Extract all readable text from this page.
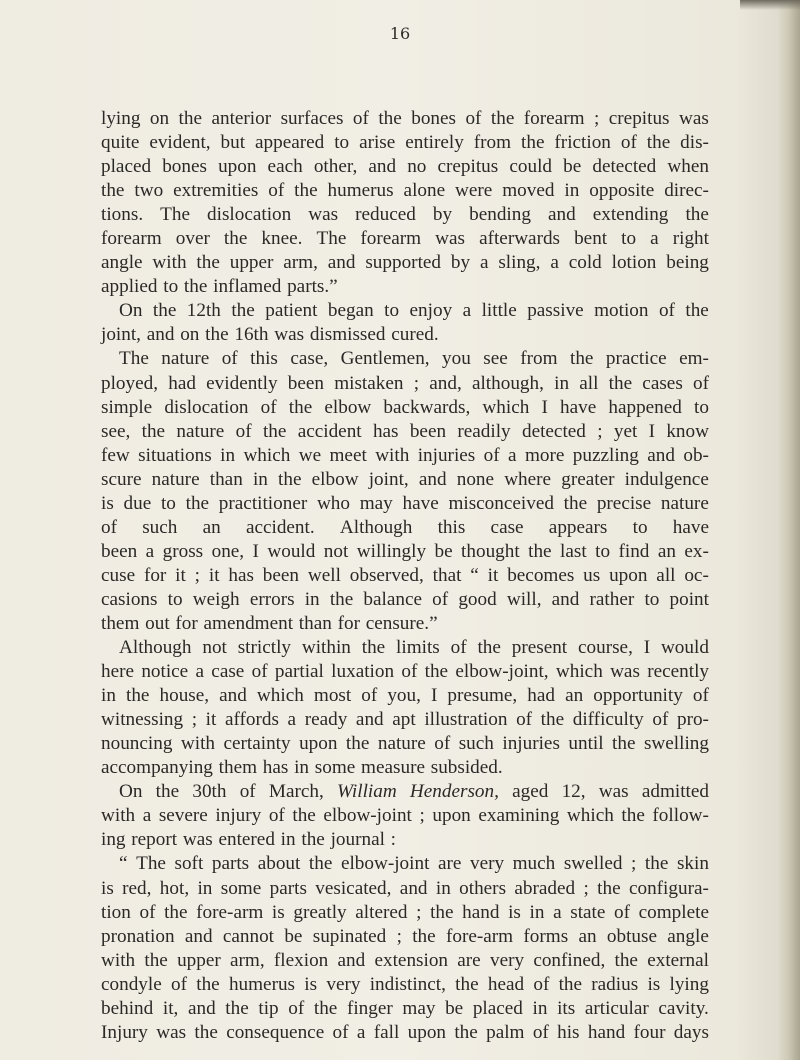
16
lying on the anterior surfaces of the bones of the forearm ; crepitus was
quite evident, but appeared to arise entirely from the friction of the dis-
placed bones upon each other, and no crepitus could be detected when
the two extremities of the humerus alone were moved in opposite direc-
tions. The dislocation was reduced by bending and extending the
forearm over the knee. The forearm was afterwards bent to a right
angle with the upper arm, and supported by a sling, a cold lotion being
applied to the inflamed parts.”
On the 12th the patient began to enjoy a little passive motion of the
joint, and on the 16th was dismissed cured.
The nature of this case, Gentlemen, you see from the practice em-
ployed, had evidently been mistaken ; and, although, in all the cases of
simple dislocation of the elbow backwards, which I have happened to
see, the nature of the accident has been readily detected ; yet I know
few situations in which we meet with injuries of a more puzzling and ob-
scure nature than in the elbow joint, and none where greater indulgence
is due to the practitioner who may have misconceived the precise nature
of such an accident. Although this case appears to have
been a gross one, I would not willingly be thought the last to find an ex-
cuse for it ; it has been well observed, that “ it becomes us upon all oc-
casions to weigh errors in the balance of good will, and rather to point
them out for amendment than for censure.”
Although not strictly within the limits of the present course, I would
here notice a case of partial luxation of the elbow-joint, which was recently
in the house, and which most of you, I presume, had an opportunity of
witnessing ; it affords a ready and apt illustration of the difficulty of pro-
nouncing with certainty upon the nature of such injuries until the swelling
accompanying them has in some measure subsided.
On the 30th of March, William Henderson, aged 12, was admitted
with a severe injury of the elbow-joint ; upon examining which the follow-
ing report was entered in the journal :
“ The soft parts about the elbow-joint are very much swelled ; the skin
is red, hot, in some parts vesicated, and in others abraded ; the configura-
tion of the fore-arm is greatly altered ; the hand is in a state of complete
pronation and cannot be supinated ; the fore-arm forms an obtuse angle
with the upper arm, flexion and extension are very confined, the external
condyle of the humerus is very indistinct, the head of the radius is lying
behind it, and the tip of the finger may be placed in its articular cavity.
Injury was the consequence of a fall upon the palm of his hand four days
